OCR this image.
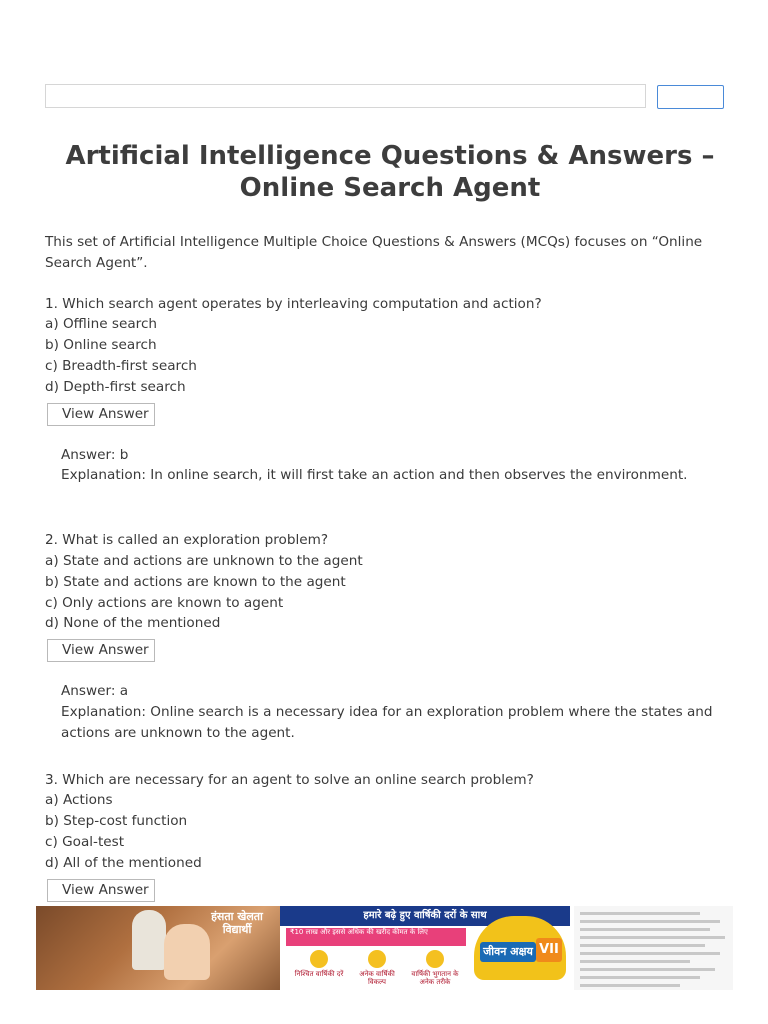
Artificial Intelligence Questions & Answers – Online Search Agent

This set of Artificial Intelligence Multiple Choice Questions & Answers (MCQs) focuses on “Online Search Agent”.

1. Which search agent operates by interleaving computation and action?
a) Offline search
b) Online search
c) Breadth-first search
d) Depth-first search
View Answer
Answer: b
Explanation: In online search, it will first take an action and then observes the environment.
2. What is called an exploration problem?
a) State and actions are unknown to the agent
b) State and actions are known to the agent
c) Only actions are known to agent
d) None of the mentioned
View Answer
Answer: a
Explanation: Online search is a necessary idea for an exploration problem where the states and actions are unknown to the agent.
3. Which are necessary for an agent to solve an online search problem?
a) Actions
b) Step-cost function
c) Goal-test
d) All of the mentioned
View Answer
हंसता खेलता विद्यार्थी
हमारे बढ़े हुए वार्षिकी दरों के साथ
₹10 लाख और इससे अधिक की खरीद कीमत के लिए
निश्चित वार्षिकी दरें	अनेक वार्षिकी विकल्प
वार्षिकी भुगतान के अनेक तरीके
जीवन अक्षय VII
